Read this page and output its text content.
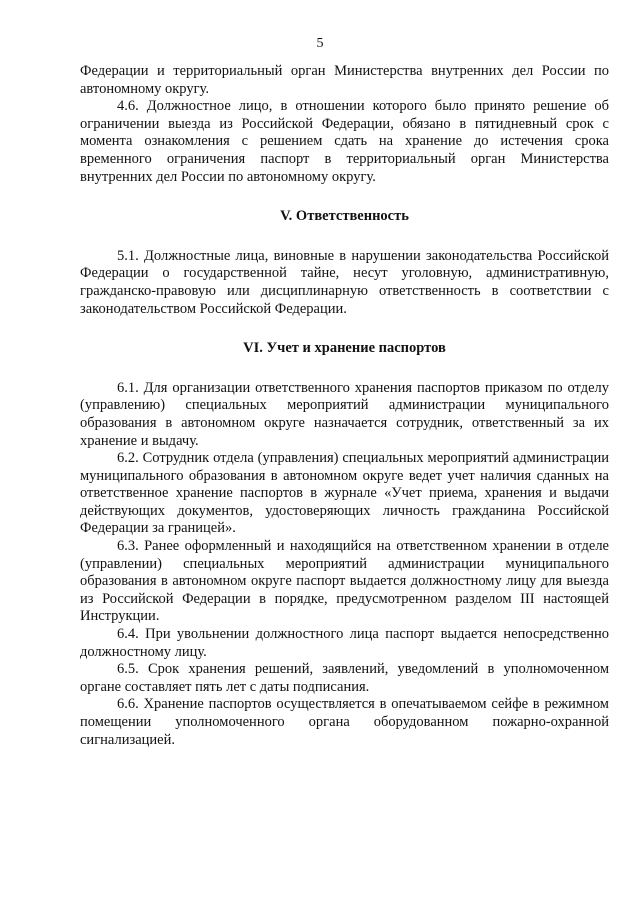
5

Федерации и территориальный орган Министерства внутренних дел России по автономному округу.

4.6. Должностное лицо, в отношении которого было принято решение об ограничении выезда из Российской Федерации, обязано в пятидневный срок с момента ознакомления с решением сдать на хранение до истечения срока временного ограничения паспорт в территориальный орган Министерства внутренних дел России по автономному округу.

V. Ответственность

5.1. Должностные лица, виновные в нарушении законодательства Российской Федерации о государственной тайне, несут уголовную, административную, гражданско-правовую или дисциплинарную ответственность в соответствии с законодательством Российской Федерации.

VI. Учет и хранение паспортов

6.1. Для организации ответственного хранения паспортов приказом по отделу (управлению) специальных мероприятий администрации муниципального образования в автономном округе назначается сотрудник, ответственный за их хранение и выдачу.

6.2. Сотрудник отдела (управления) специальных мероприятий администрации муниципального образования в автономном округе ведет учет наличия сданных на ответственное хранение паспортов в журнале «Учет приема, хранения и выдачи действующих документов, удостоверяющих личность гражданина Российской Федерации за границей».

6.3. Ранее оформленный и находящийся на ответственном хранении в отделе (управлении) специальных мероприятий администрации муниципального образования в автономном округе паспорт выдается должностному лицу для выезда из Российской Федерации в порядке, предусмотренном разделом III настоящей Инструкции.

6.4. При увольнении должностного лица паспорт выдается непосредственно должностному лицу.

6.5. Срок хранения решений, заявлений, уведомлений в уполномоченном органе составляет пять лет с даты подписания.

6.6. Хранение паспортов осуществляется в опечатываемом сейфе в режимном помещении уполномоченного органа оборудованном пожарно-охранной сигнализацией.
